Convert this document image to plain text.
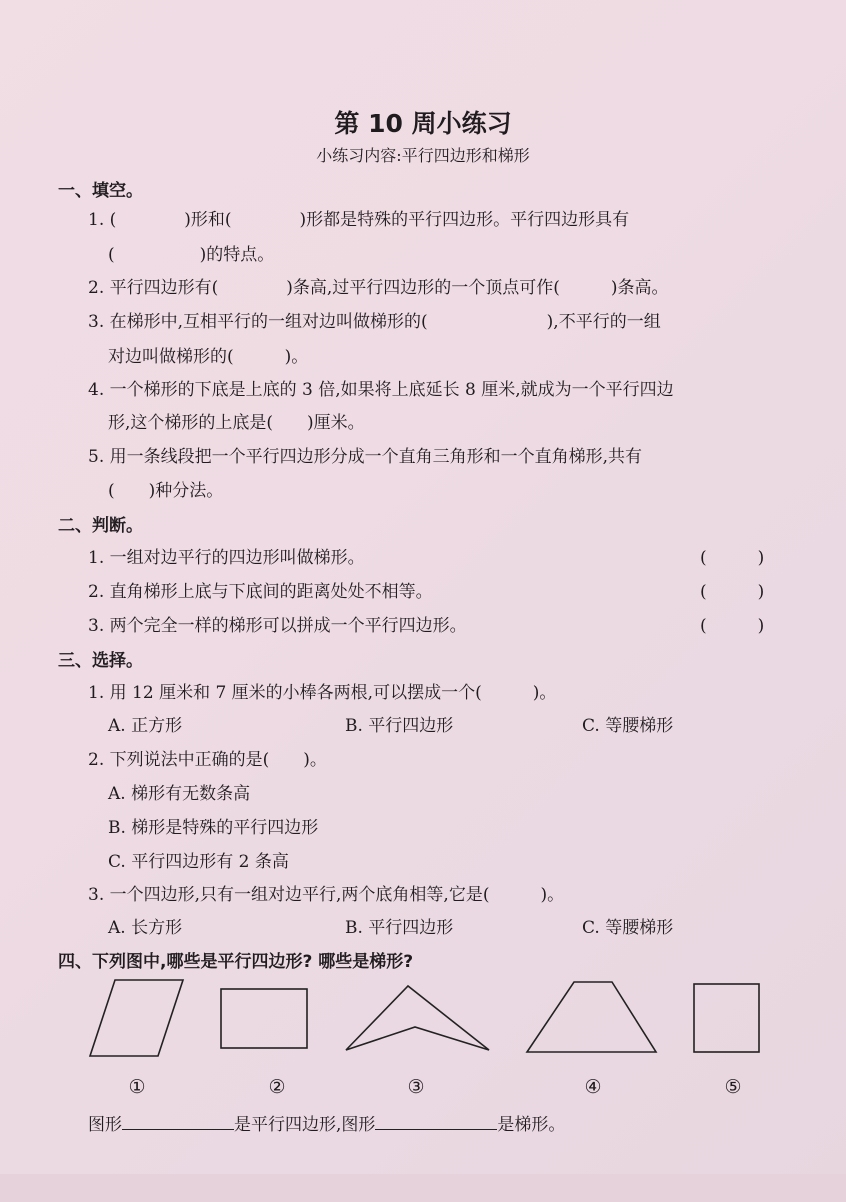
第 10 周小练习
小练习内容:平行四边形和梯形
一、填空。
1. (　　　　)形和(　　　　)形都是特殊的平行四边形。平行四边形具有
(　　　　　)的特点。
2. 平行四边形有(　　　　)条高,过平行四边形的一个顶点可作(　　　)条高。
3. 在梯形中,互相平行的一组对边叫做梯形的(　　　　　　　),不平行的一组
对边叫做梯形的(　　　)。
4. 一个梯形的下底是上底的 3 倍,如果将上底延长 8 厘米,就成为一个平行四边
形,这个梯形的上底是(　　)厘米。
5. 用一条线段把一个平行四边形分成一个直角三角形和一个直角梯形,共有
(　　)种分法。
二、判断。
1. 一组对边平行的四边形叫做梯形。	(　　　)
2. 直角梯形上底与下底间的距离处处不相等。	(　　　)
3. 两个完全一样的梯形可以拼成一个平行四边形。	(　　　)
三、选择。
1. 用 12 厘米和 7 厘米的小棒各两根,可以摆成一个(　　　)。
A. 正方形	B. 平行四边形	C. 等腰梯形
2. 下列说法中正确的是(　　)。
A. 梯形有无数条高
B. 梯形是特殊的平行四边形
C. 平行四边形有 2 条高
3. 一个四边形,只有一组对边平行,两个底角相等,它是(　　　)。
A. 长方形	B. 平行四边形	C. 等腰梯形
四、下列图中,哪些是平行四边形? 哪些是梯形?
①	②	③	④	⑤
图形	是平行四边形,图形	是梯形。
